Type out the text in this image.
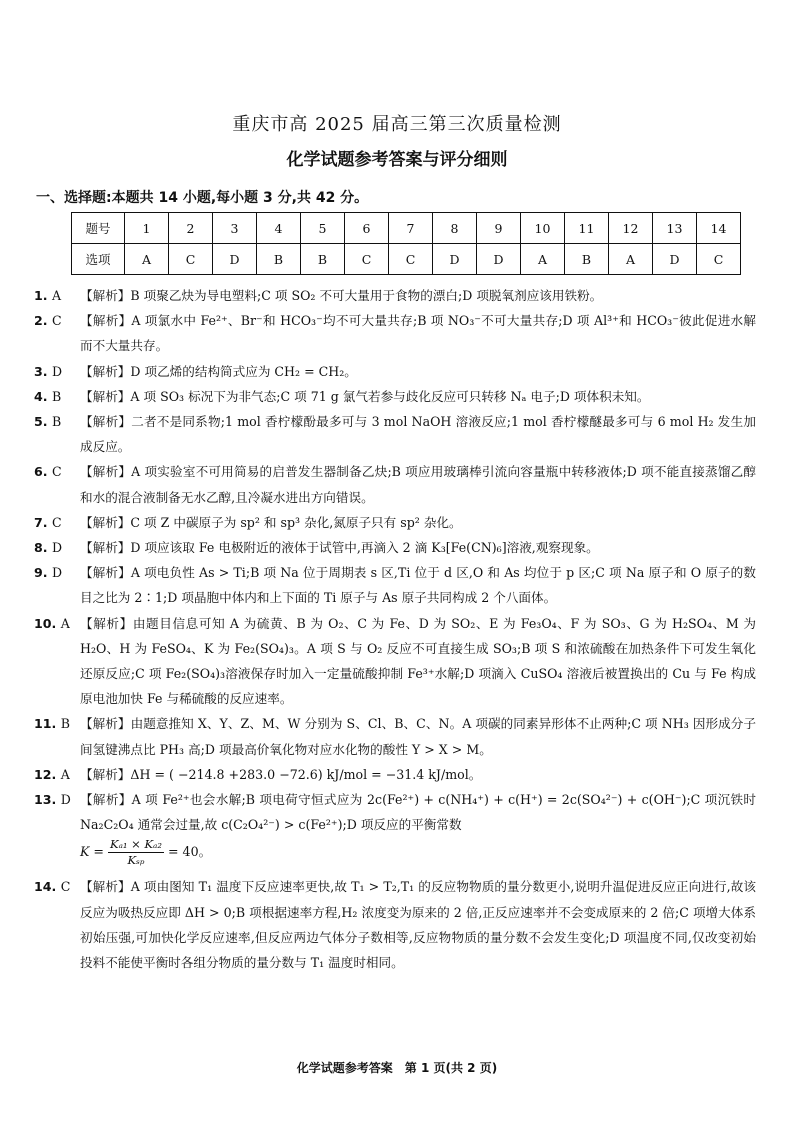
重庆市高 2025 届高三第三次质量检测
化学试题参考答案与评分细则
一、选择题:本题共 14 小题,每小题 3 分,共 42 分。
题号	1	2	3	4	5	6	7	8	9	10	11	12	13	14
选项	A	C	D	B	B	C	C	D	D	A	B	A	D	C
1. A	【解析】B 项聚乙炔为导电塑料;C 项 SO₂ 不可大量用于食物的漂白;D 项脱氧剂应该用铁粉。
2. C	【解析】A 项氯水中 Fe²⁺、Br⁻和 HCO₃⁻均不可大量共存;B 项 NO₃⁻不可大量共存;D 项 Al³⁺和 HCO₃⁻彼此促进水解而不大量共存。
3. D	【解析】D 项乙烯的结构简式应为 CH₂ = CH₂。
4. B	【解析】A 项 SO₃ 标况下为非气态;C 项 71 g 氯气若参与歧化反应可只转移 Nₐ 电子;D 项体积未知。
5. B	【解析】二者不是同系物;1 mol 香柠檬酚最多可与 3 mol NaOH 溶液反应;1 mol 香柠檬醚最多可与 6 mol H₂ 发生加成反应。
6. C	【解析】A 项实验室不可用简易的启普发生器制备乙炔;B 项应用玻璃棒引流向容量瓶中转移液体;D 项不能直接蒸馏乙醇和水的混合液制备无水乙醇,且冷凝水进出方向错误。
7. C	【解析】C 项 Z 中碳原子为 sp² 和 sp³ 杂化,氮原子只有 sp² 杂化。
8. D	【解析】D 项应该取 Fe 电极附近的液体于试管中,再滴入 2 滴 K₃[Fe(CN)₆]溶液,观察现象。
9. D	【解析】A 项电负性 As > Ti;B 项 Na 位于周期表 s 区,Ti 位于 d 区,O 和 As 均位于 p 区;C 项 Na 原子和 O 原子的数目之比为 2∶1;D 项晶胞中体内和上下面的 Ti 原子与 As 原子共同构成 2 个八面体。
10. A 【解析】由题目信息可知 A 为硫黄、B 为 O₂、C 为 Fe、D 为 SO₂、E 为 Fe₃O₄、F 为 SO₃、G 为 H₂SO₄、M 为 H₂O、H 为 FeSO₄、K 为 Fe₂(SO₄)₃。A 项 S 与 O₂ 反应不可直接生成 SO₃;B 项 S 和浓硫酸在加热条件下可发生氧化还原反应;C 项 Fe₂(SO₄)₃溶液保存时加入一定量硫酸抑制 Fe³⁺水解;D 项滴入 CuSO₄ 溶液后被置换出的 Cu 与 Fe 构成原电池加快 Fe 与稀硫酸的反应速率。
11. B 【解析】由题意推知 X、Y、Z、M、W 分别为 S、Cl、B、C、N。A 项碳的同素异形体不止两种;C 项 NH₃ 因形成分子间氢键沸点比 PH₃ 高;D 项最高价氧化物对应水化物的酸性 Y > X > M。
12. A 【解析】ΔH = ( −214.8 +283.0 −72.6) kJ/mol = −31.4 kJ/mol。
13. D 【解析】A 项 Fe²⁺也会水解;B 项电荷守恒式应为 2c(Fe²⁺) + c(NH₄⁺) + c(H⁺) = 2c(SO₄²⁻) + c(OH⁻);C 项沉铁时 Na₂C₂O₄ 通常会过量,故 c(C₂O₄²⁻) > c(Fe²⁺);D 项反应的平衡常数
$K = \frac{\text{Kₐ₁ × Kₐ₂}}{\text{Kₛₚ}} = 40$。
14. C 【解析】A 项由图知 T₁ 温度下反应速率更快,故 T₁ > T₂,T₁ 的反应物物质的量分数更小,说明升温促进反应正向进行,故该反应为吸热反应即 ΔH > 0;B 项根据速率方程,H₂ 浓度变为原来的 2 倍,正反应速率并不会变成原来的 2 倍;C 项增大体系初始压强,可加快化学反应速率,但反应两边气体分子数相等,反应物物质的量分数不会发生变化;D 项温度不同,仅改变初始投料不能使平衡时各组分物质的量分数与 T₁ 温度时相同。
化学试题参考答案　第 1 页(共 2 页)
